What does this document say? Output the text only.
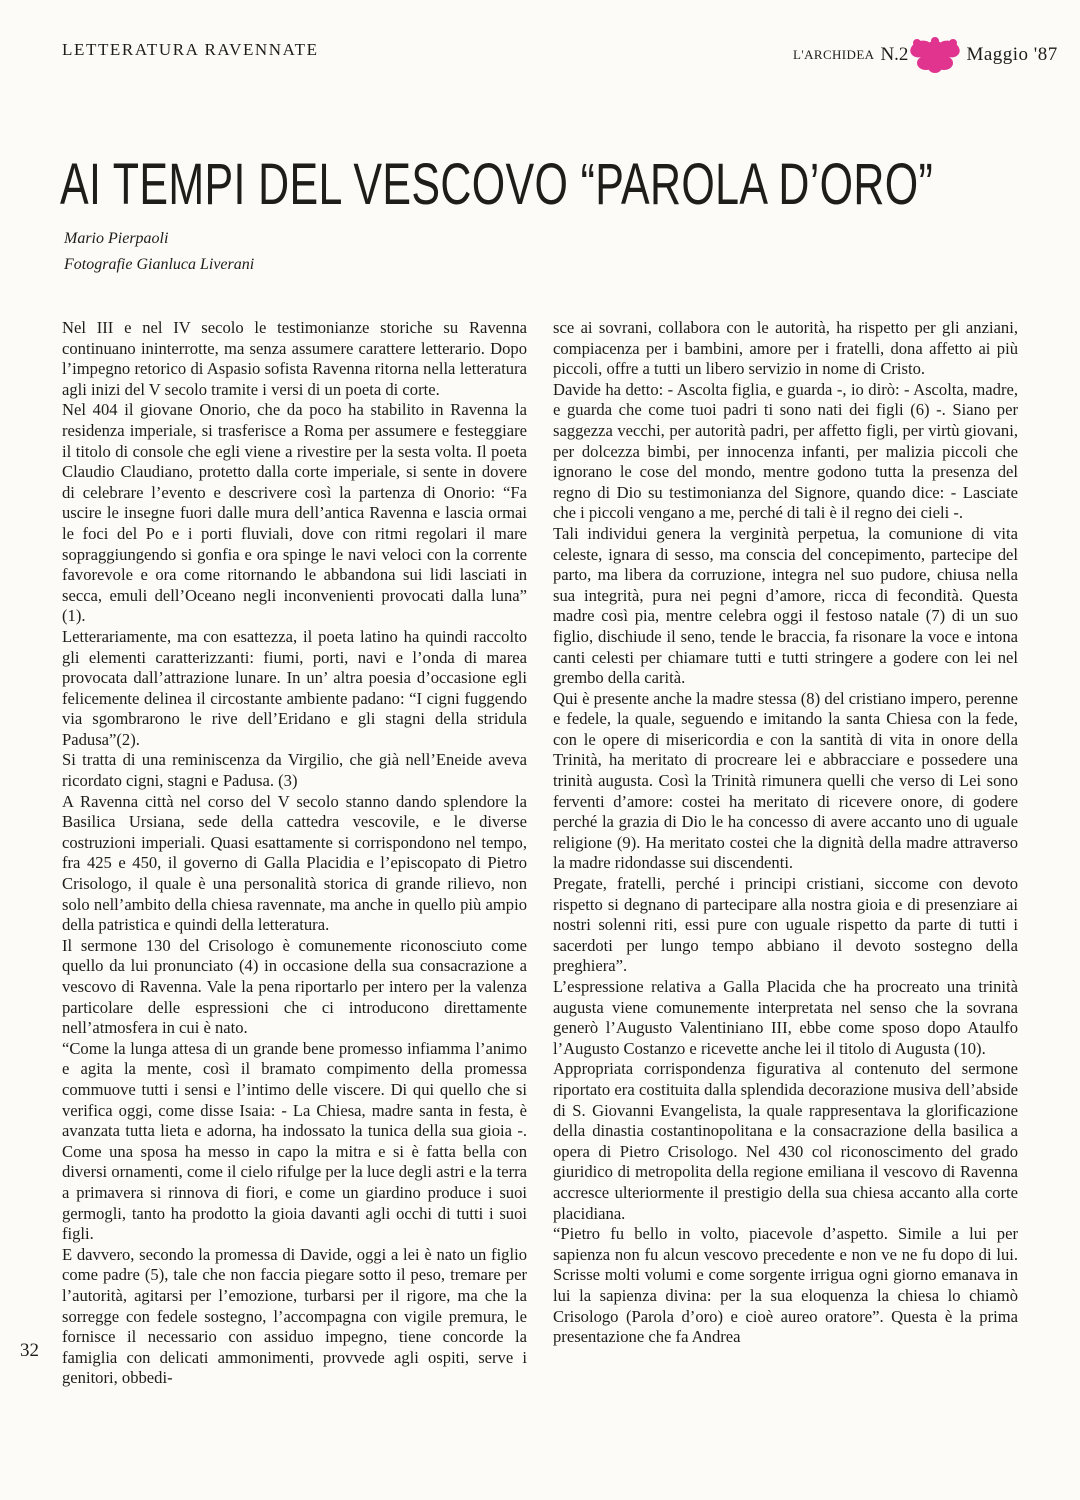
LETTERATURA RAVENNATE	L'ARCHIDEA N.2	Maggio '87
AI TEMPI DEL VESCOVO “PAROLA D’ORO”
Mario Pierpaoli
Fotografie Gianluca Liverani

Nel III e nel IV secolo le testimonianze storiche su Ravenna continuano ininterrotte, ma senza assumere carattere letterario. Dopo l’impegno retorico di Aspasio sofista Ravenna ritorna nella letteratura agli inizi del V secolo tramite i versi di un poeta di corte.

Nel 404 il giovane Onorio, che da poco ha stabilito in Ravenna la residenza imperiale, si trasferisce a Roma per assumere e festeggiare il titolo di console che egli viene a rivestire per la sesta volta. Il poeta Claudio Claudiano, protetto dalla corte imperiale, si sente in dovere di celebrare l’evento e descrivere così la partenza di Onorio: “Fa uscire le insegne fuori dalle mura dell’antica Ravenna e lascia ormai le foci del Po e i porti fluviali, dove con ritmi regolari il mare sopraggiungendo si gonfia e ora spinge le navi veloci con la corrente favorevole e ora come ritornando le abbandona sui lidi lasciati in secca, emuli dell’Oceano negli inconvenienti provocati dalla luna” (1).

Letterariamente, ma con esattezza, il poeta latino ha quindi raccolto gli elementi caratterizzanti: fiumi, porti, navi e l’onda di marea provocata dall’attrazione lunare. In un’ altra poesia d’occasione egli felicemente delinea il circostante ambiente padano: “I cigni fuggendo via sgombrarono le rive dell’Eridano e gli stagni della stridula Padusa”(2).

Si tratta di una reminiscenza da Virgilio, che già nell’Eneide aveva ricordato cigni, stagni e Padusa. (3)

A Ravenna città nel corso del V secolo stanno dando splendore la Basilica Ursiana, sede della cattedra vescovile, e le diverse costruzioni imperiali. Quasi esattamente si corrispondono nel tempo, fra 425 e 450, il governo di Galla Placidia e l’episcopato di Pietro Crisologo, il quale è una personalità storica di grande rilievo, non solo nell’ambito della chiesa ravennate, ma anche in quello più ampio della patristica e quindi della letteratura.

Il sermone 130 del Crisologo è comunemente riconosciuto come quello da lui pronunciato (4) in occasione della sua consacrazione a vescovo di Ravenna. Vale la pena riportarlo per intero per la valenza particolare delle espressioni che ci introducono direttamente nell’atmosfera in cui è nato.

“Come la lunga attesa di un grande bene promesso infiamma l’animo e agita la mente, così il bramato compimento della promessa commuove tutti i sensi e l’intimo delle viscere. Di qui quello che si verifica oggi, come disse Isaia: - La Chiesa, madre santa in festa, è avanzata tutta lieta e adorna, ha indossato la tunica della sua gioia -. Come una sposa ha messo in capo la mitra e si è fatta bella con diversi ornamenti, come il cielo rifulge per la luce degli astri e la terra a primavera si rinnova di fiori, e come un giardino produce i suoi germogli, tanto ha prodotto la gioia davanti agli occhi di tutti i suoi figli.

E davvero, secondo la promessa di Davide, oggi a lei è nato un figlio come padre (5), tale che non faccia piegare sotto il peso, tremare per l’autorità, agitarsi per l’emozione, turbarsi per il rigore, ma che la sorregge con fedele sostegno, l’accompagna con vigile premura, le fornisce il necessario con assiduo impegno, tiene concorde la famiglia con delicati ammonimenti, provvede agli ospiti, serve i genitori, obbedi-

sce ai sovrani, collabora con le autorità, ha rispetto per gli anziani, compiacenza per i bambini, amore per i fratelli, dona affetto ai più piccoli, offre a tutti un libero servizio in nome di Cristo.

Davide ha detto: - Ascolta figlia, e guarda -, io dirò: - Ascolta, madre, e guarda che come tuoi padri ti sono nati dei figli (6) -. Siano per saggezza vecchi, per autorità padri, per affetto figli, per virtù giovani, per dolcezza bimbi, per innocenza infanti, per malizia piccoli che ignorano le cose del mondo, mentre godono tutta la presenza del regno di Dio su testimonianza del Signore, quando dice: - Lasciate che i piccoli vengano a me, perché di tali è il regno dei cieli -.

Tali individui genera la verginità perpetua, la comunione di vita celeste, ignara di sesso, ma conscia del concepimento, partecipe del parto, ma libera da corruzione, integra nel suo pudore, chiusa nella sua integrità, pura nei pegni d’amore, ricca di fecondità. Questa madre così pia, mentre celebra oggi il festoso natale (7) di un suo figlio, dischiude il seno, tende le braccia, fa risonare la voce e intona canti celesti per chiamare tutti e tutti stringere a godere con lei nel grembo della carità.

Qui è presente anche la madre stessa (8) del cristiano impero, perenne e fedele, la quale, seguendo e imitando la santa Chiesa con la fede, con le opere di misericordia e con la santità di vita in onore della Trinità, ha meritato di procreare lei e abbracciare e possedere una trinità augusta. Così la Trinità rimunera quelli che verso di Lei sono ferventi d’amore: costei ha meritato di ricevere onore, di godere perché la grazia di Dio le ha concesso di avere accanto uno di uguale religione (9). Ha meritato costei che la dignità della madre attraverso la madre ridondasse sui discendenti.

Pregate, fratelli, perché i principi cristiani, siccome con devoto rispetto si degnano di partecipare alla nostra gioia e di presenziare ai nostri solenni riti, essi pure con uguale rispetto da parte di tutti i sacerdoti per lungo tempo abbiano il devoto sostegno della preghiera”.

L’espressione relativa a Galla Placida che ha procreato una trinità augusta viene comunemente interpretata nel senso che la sovrana generò l’Augusto Valentiniano III, ebbe come sposo dopo Ataulfo l’Augusto Costanzo e ricevette anche lei il titolo di Augusta (10).

Appropriata corrispondenza figurativa al contenuto del sermone riportato era costituita dalla splendida decorazione musiva dell’abside di S. Giovanni Evangelista, la quale rappresentava la glorificazione della dinastia costantinopolitana e la consacrazione della basilica a opera di Pietro Crisologo. Nel 430 col riconoscimento del grado giuridico di metropolita della regione emiliana il vescovo di Ravenna accresce ulteriormente il prestigio della sua chiesa accanto alla corte placidiana.

“Pietro fu bello in volto, piacevole d’aspetto. Simile a lui per sapienza non fu alcun vescovo precedente e non ve ne fu dopo di lui. Scrisse molti volumi e come sorgente irrigua ogni giorno emanava in lui la sapienza divina: per la sua eloquenza la chiesa lo chiamò Crisologo (Parola d’oro) e cioè aureo oratore”. Questa è la prima presentazione che fa Andrea

32
